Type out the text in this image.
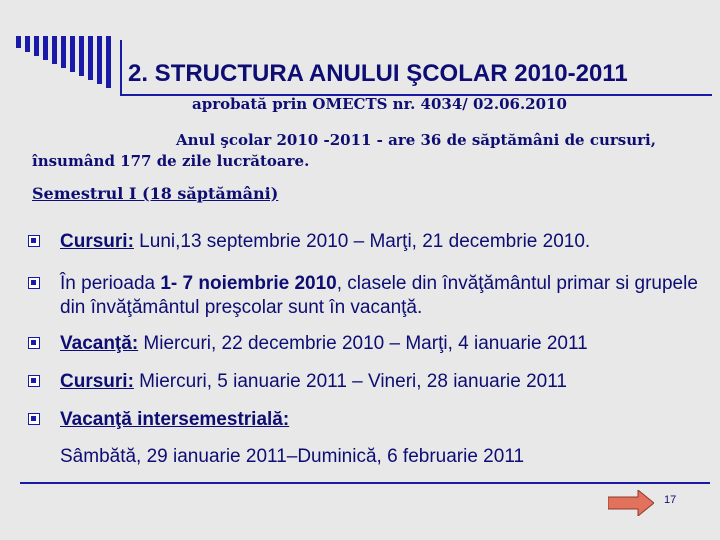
2. STRUCTURA ANULUI ŞCOLAR 2010-2011
aprobată prin OMECTS nr. 4034/ 02.06.2010
Anul şcolar 2010 -2011 - are 36 de săptămâni de cursuri, însumând 177 de zile lucrătoare.
Semestrul I (18 săptămâni)
Cursuri: Luni,13 septembrie 2010 – Marţi, 21 decembrie 2010.
În perioada 1- 7 noiembrie 2010, clasele din învăţământul primar si grupele din învăţământul preşcolar sunt în vacanţă.
Vacanţă: Miercuri, 22 decembrie 2010 – Marţi, 4 ianuarie 2011
Cursuri: Miercuri, 5 ianuarie 2011 – Vineri, 28 ianuarie 2011
Vacanţă intersemestrială:
Sâmbătă, 29 ianuarie 2011–Duminică, 6 februarie 2011
17
